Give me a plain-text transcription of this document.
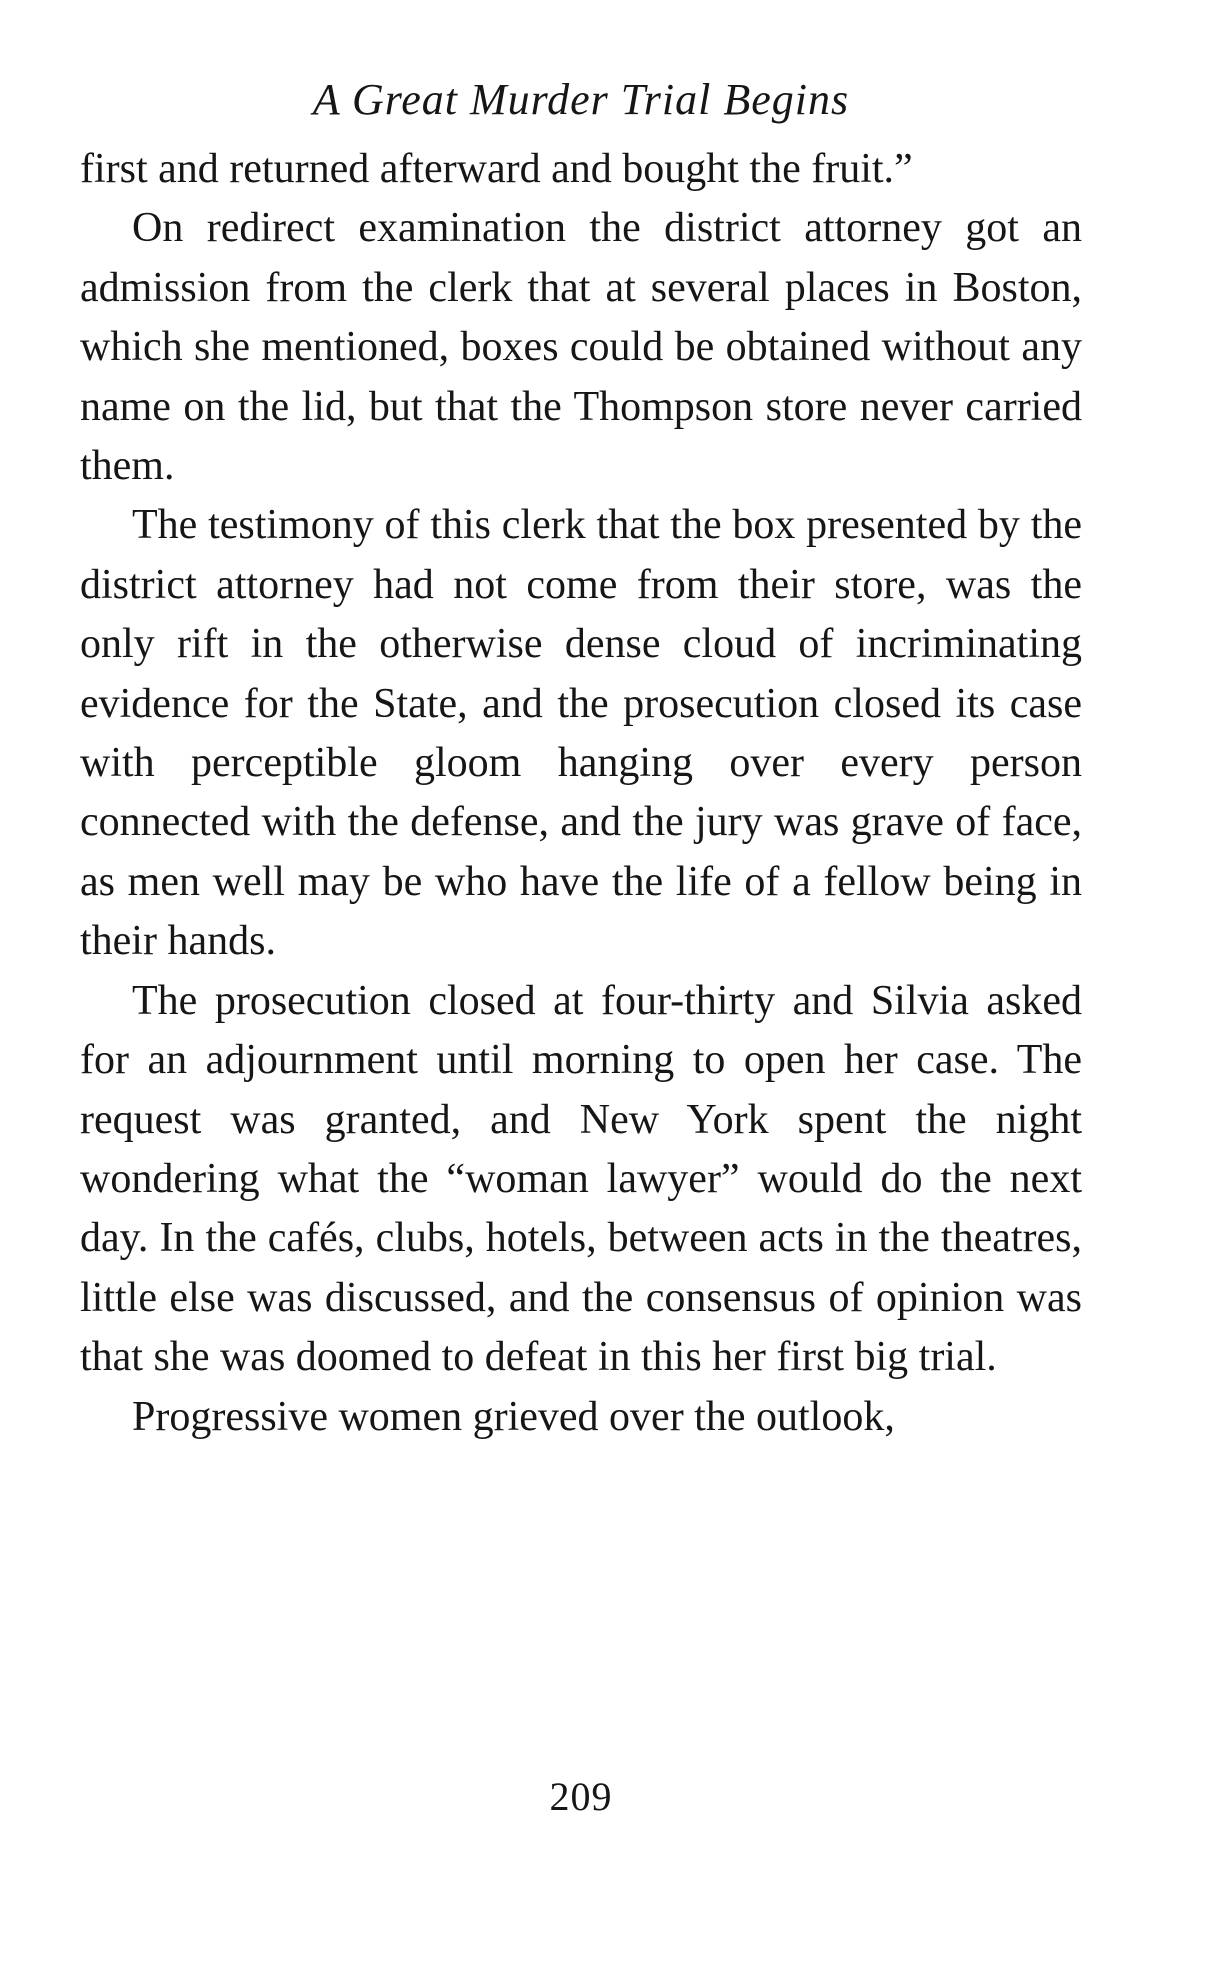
A Great Murder Trial Begins

first and returned afterward and bought the fruit.”

On redirect examination the district attorney got an admission from the clerk that at several places in Boston, which she mentioned, boxes could be obtained without any name on the lid, but that the Thompson store never carried them.

The testimony of this clerk that the box presented by the district attorney had not come from their store, was the only rift in the otherwise dense cloud of incriminating evidence for the State, and the prosecution closed its case with perceptible gloom hanging over every person connected with the defense, and the jury was grave of face, as men well may be who have the life of a fellow being in their hands.

The prosecution closed at four-thirty and Silvia asked for an adjournment until morning to open her case. The request was granted, and New York spent the night wondering what the “woman lawyer” would do the next day. In the cafés, clubs, hotels, between acts in the theatres, little else was discussed, and the consensus of opinion was that she was doomed to defeat in this her first big trial.

Progressive women grieved over the outlook,

209
